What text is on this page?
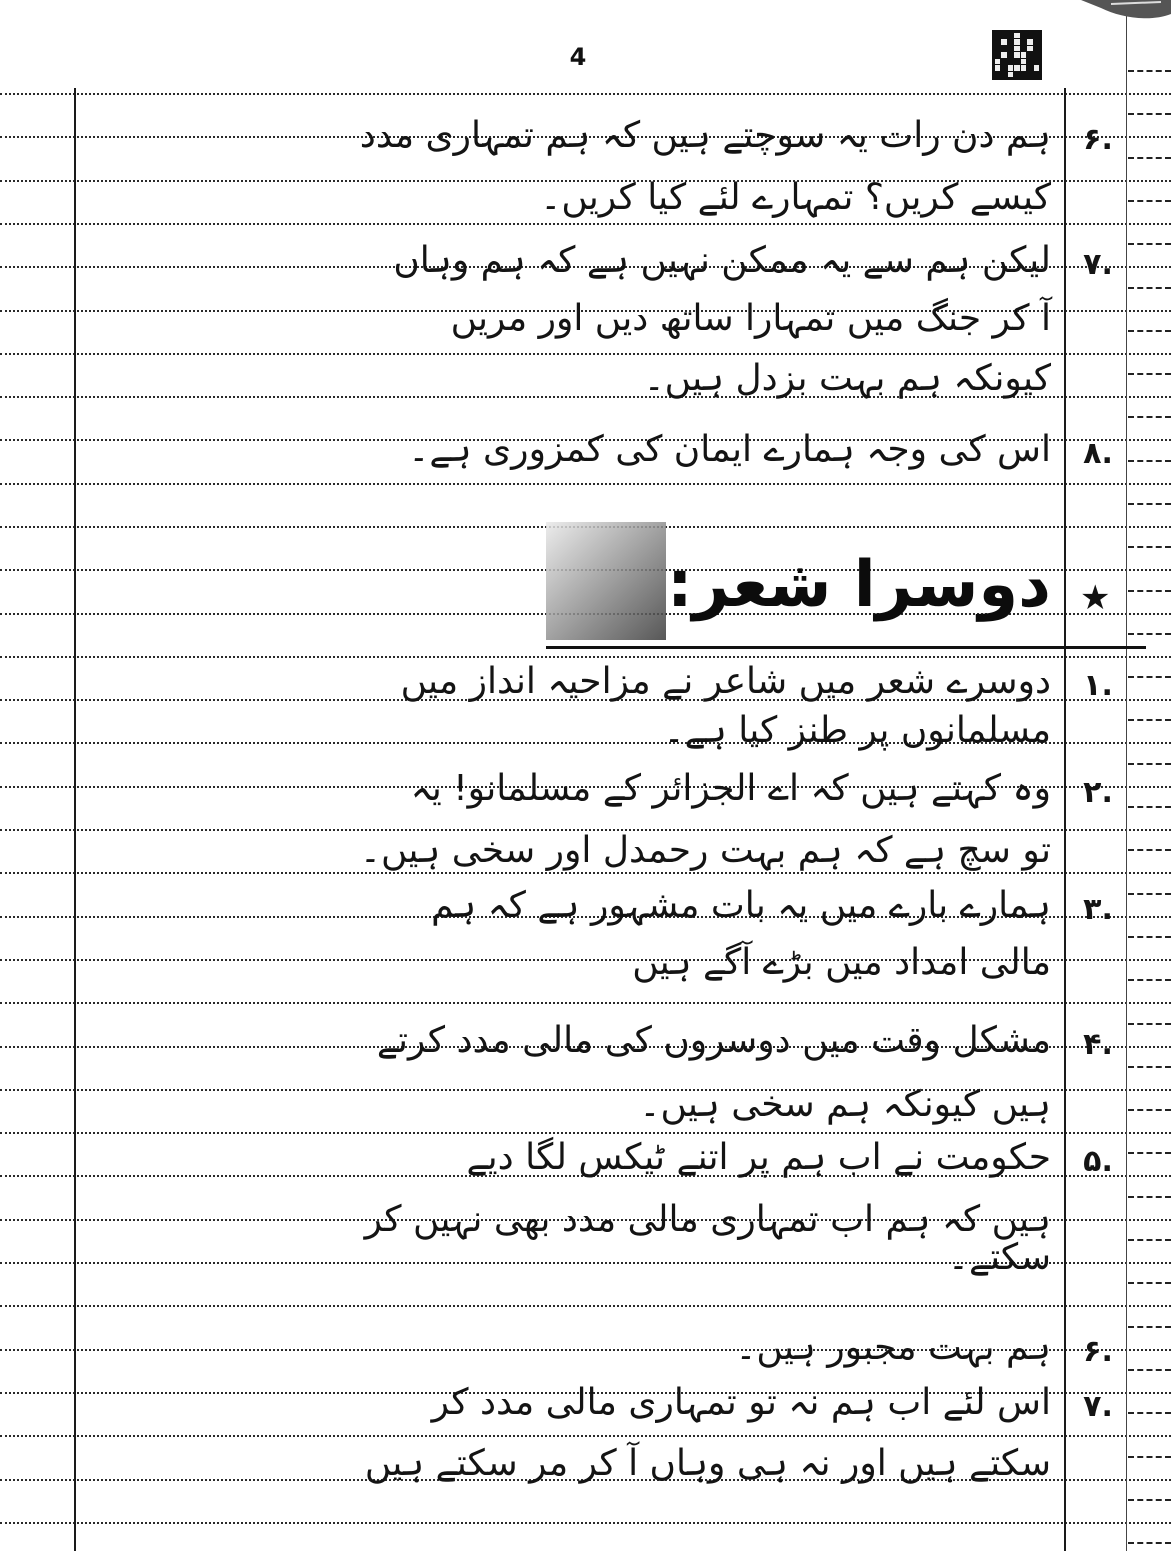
4
ہم دن رات یہ سوچتے ہیں کہ ہم تمہاری مدد ۶.
کیسے کریں؟ تمہارے لئے کیا کریں۔
لیکن ہم سے یہ ممکن نہیں ہے کہ ہم وہاں ۷.
آ کر جنگ میں تمہارا ساتھ دیں اور مریں
کیونکہ ہم بہت بزدل ہیں۔
اس کی وجہ ہمارے ایمان کی کمزوری ہے۔ ۸.
دوسرا شعر: ★
دوسرے شعر میں شاعر نے مزاحیہ انداز میں ۱.
مسلمانوں پر طنز کیا ہے۔
وہ کہتے ہیں کہ اے الجزائر کے مسلمانو! یہ ۲.
تو سچ ہے کہ ہم بہت رحمدل اور سخی ہیں۔
ہمارے بارے میں یہ بات مشہور ہے کہ ہم ۳.
مالی امداد میں بڑے آگے ہیں
مشکل وقت میں دوسروں کی مالی مدد کرتے ۴.
ہیں کیونکہ ہم سخی ہیں۔
حکومت نے اب ہم پر اتنے ٹیکس لگا دیے ۵.
ہیں کہ ہم اب تمہاری مالی مدد بھی نہیں کر
سکتے۔
ہم بہت مجبور ہیں۔ ۶.
اس لئے اب ہم نہ تو تمہاری مالی مدد کر ۷.
سکتے ہیں اور نہ ہی وہاں آ کر مر سکتے ہیں
